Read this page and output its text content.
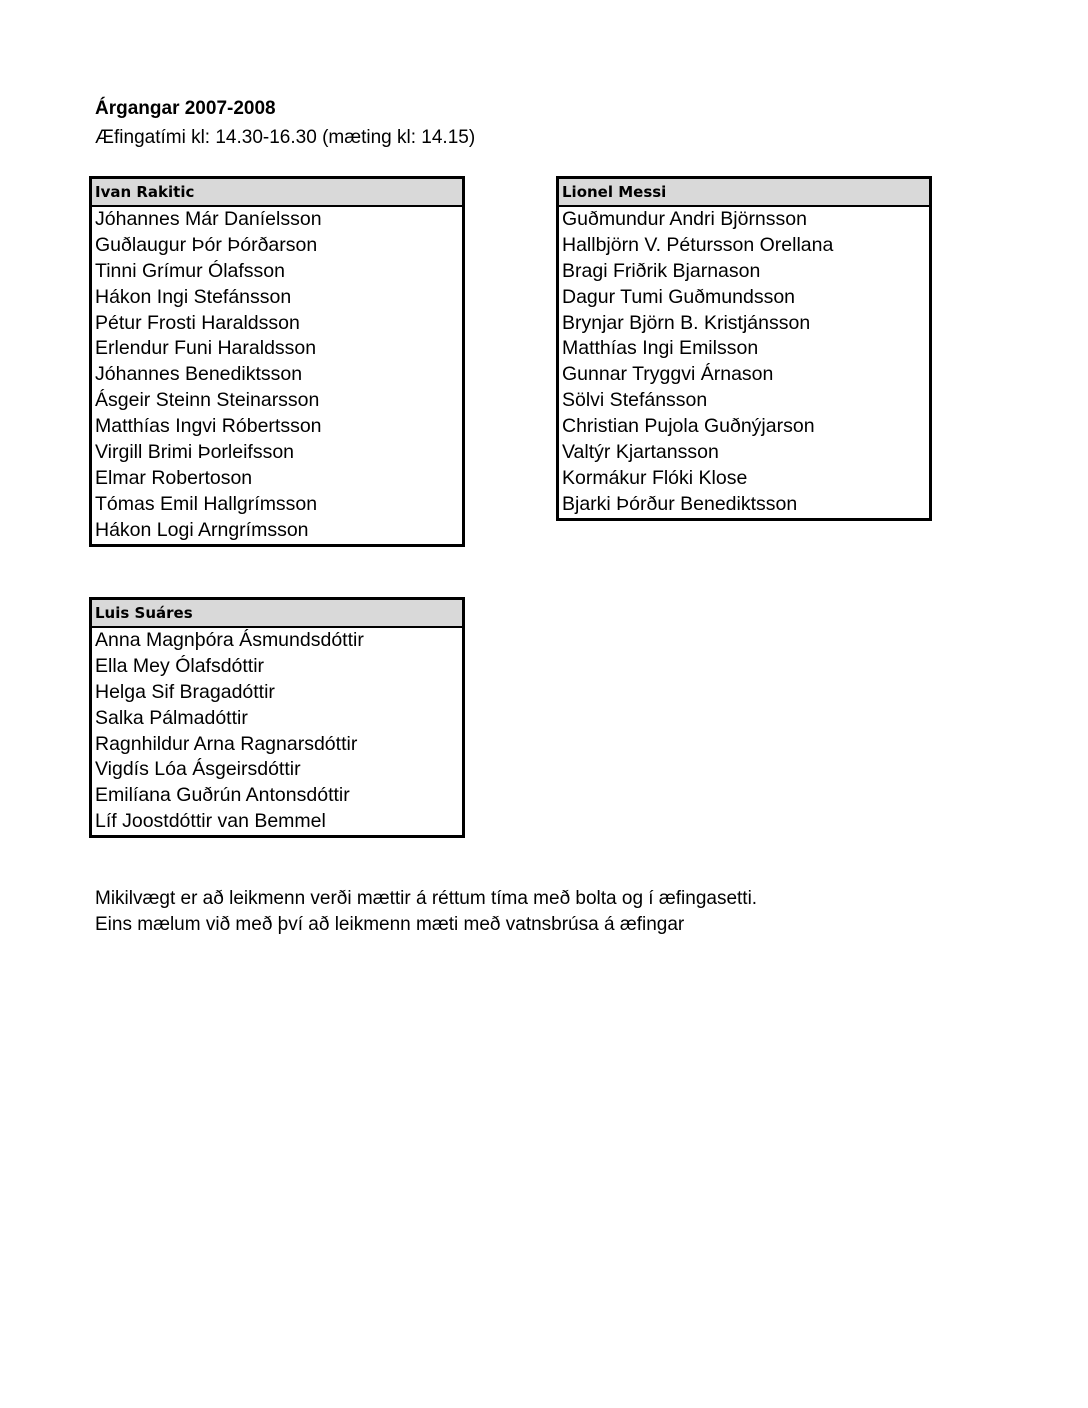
Árgangar 2007-2008
Æfingatími kl: 14.30-16.30 (mæting kl: 14.15)
Ivan Rakitic
Jóhannes Már Daníelsson
Guðlaugur Þór Þórðarson
Tinni Grímur Ólafsson
Hákon Ingi Stefánsson
Pétur Frosti Haraldsson
Erlendur Funi Haraldsson
Jóhannes Benediktsson
Ásgeir Steinn Steinarsson
Matthías Ingvi Róbertsson
Virgill Brimi Þorleifsson
Elmar Robertoson
Tómas Emil Hallgrímsson
Hákon Logi Arngrímsson
Lionel Messi
Guðmundur Andri Björnsson
Hallbjörn V. Pétursson Orellana
Bragi Friðrik Bjarnason
Dagur Tumi Guðmundsson
Brynjar Björn B. Kristjánsson
Matthías Ingi Emilsson
Gunnar Tryggvi Árnason
Sölvi Stefánsson
Christian Pujola Guðnýjarson
Valtýr Kjartansson
Kormákur Flóki Klose
Bjarki Þórður Benediktsson
Luis Suáres
Anna Magnþóra Ásmundsdóttir
Ella Mey Ólafsdóttir
Helga Sif Bragadóttir
Salka Pálmadóttir
Ragnhildur Arna Ragnarsdóttir
Vigdís Lóa Ásgeirsdóttir
Emilíana Guðrún Antonsdóttir
Líf Joostdóttir van Bemmel
Mikilvægt er að leikmenn verði mættir á réttum tíma með bolta og í æfingasetti.
Eins mælum við með því að leikmenn mæti með vatnsbrúsa á æfingar
